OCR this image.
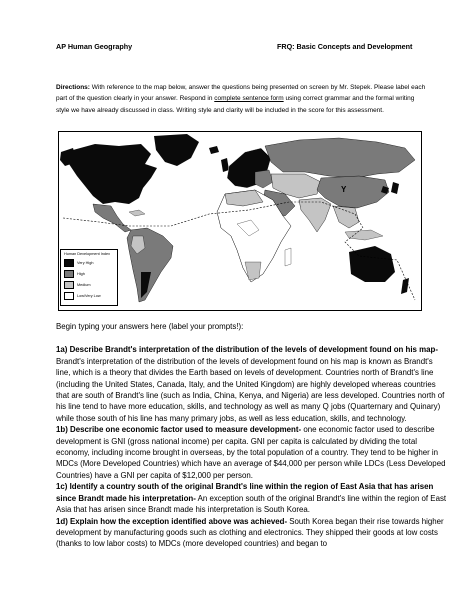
AP Human Geography	FRQ: Basic Concepts and Development
Directions: With reference to the map below, answer the questions being presented on screen by Mr. Stepek. Please label each part of the question clearly in your answer. Respond in complete sentence form using correct grammar and the formal writing style we have already discussed in class. Writing style and clarity will be included in the score for this assessment.
Y
Human Development Index
Very High
High
Medium
Low/Very Low

Begin typing your answers here (label your prompts!):

1a) Describe Brandt's interpretation of the distribution of the levels of development found on his map- Brandt's interpretation of the distribution of the levels of development found on his map is known as Brandt's line, which is a theory that divides the Earth based on levels of development. Countries north of Brandt's line (including the United States, Canada, Italy, and the United Kingdom) are highly developed whereas countries that are south of Brandt's line (such as India, China, Kenya, and Nigeria) are less developed. Countries north of his line tend to have more education, skills, and technology as well as many Q jobs (Quarternary and Quinary) while those south of his line has many primary jobs, as well as less education, skills, and technology.

1b) Describe one economic factor used to measure development- one economic factor used to describe development is GNI (gross national income) per capita. GNI per capita is calculated by dividing the total economy, including income brought in overseas, by the total population of a country. They tend to be higher in MDCs (More Developed Countries) which have an average of $44,000 per person while LDCs (Less Developed Countries) have a GNI per capita of $12,000 per person.

1c) Identify a country south of the original Brandt's line within the region of East Asia that has arisen since Brandt made his interpretation- An exception south of the original Brandt's line within the region of East Asia that has arisen since Brandt made his interpretation is South Korea.

1d) Explain how the exception identified above was achieved- South Korea began their rise towards higher development by manufacturing goods such as clothing and electronics. They shipped their goods at low costs (thanks to low labor costs) to MDCs (more developed countries) and began to
